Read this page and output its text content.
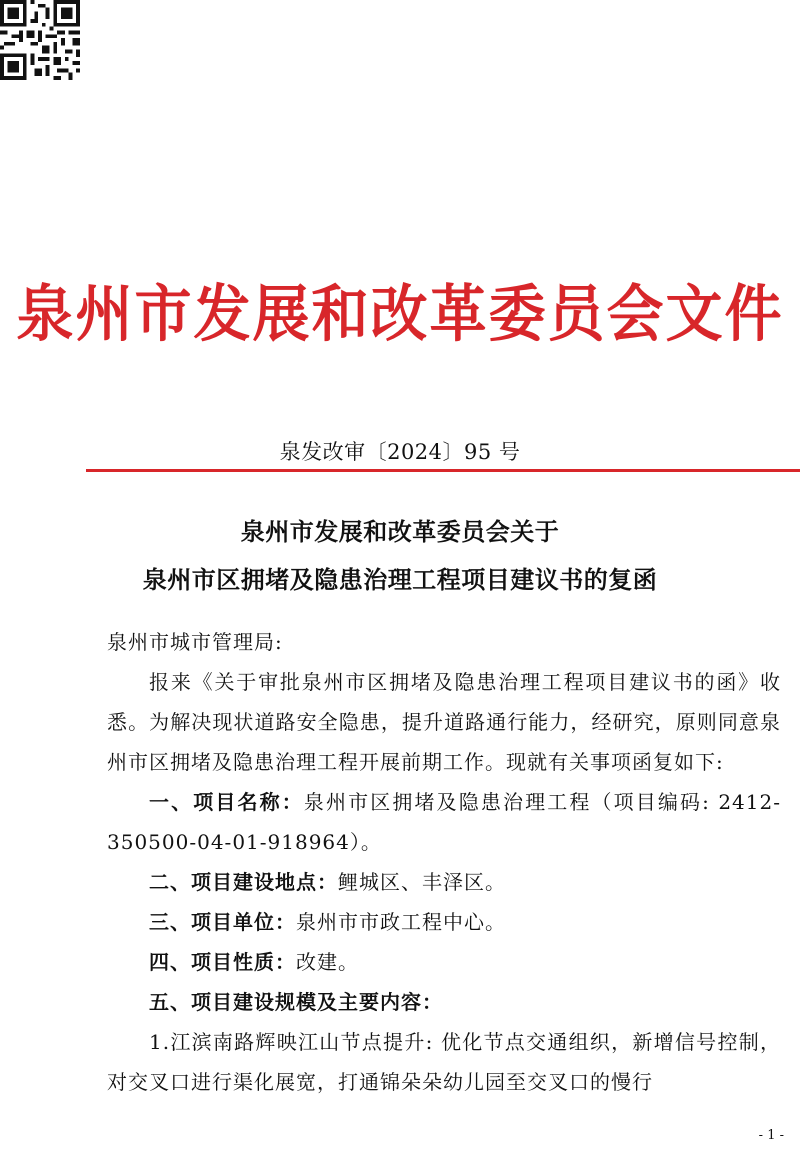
泉州市发展和改革委员会文件
泉发改审〔2024〕95 号
泉州市发展和改革委员会关于
泉州市区拥堵及隐患治理工程项目建议书的复函

泉州市城市管理局:

报来《关于审批泉州市区拥堵及隐患治理工程项目建议书的函》收悉。为解决现状道路安全隐患，提升道路通行能力，经研究，原则同意泉州市区拥堵及隐患治理工程开展前期工作。现就有关事项函复如下:

一、项目名称：泉州市区拥堵及隐患治理工程（项目编码: 2412-350500-04-01-918964）。

二、项目建设地点：鲤城区、丰泽区。

三、项目单位：泉州市市政工程中心。

四、项目性质：改建。

五、项目建设规模及主要内容：

1.江滨南路辉映江山节点提升: 优化节点交通组织，新增信号控制，对交叉口进行渠化展宽，打通锦朵朵幼儿园至交叉口的慢行

- 1 -
